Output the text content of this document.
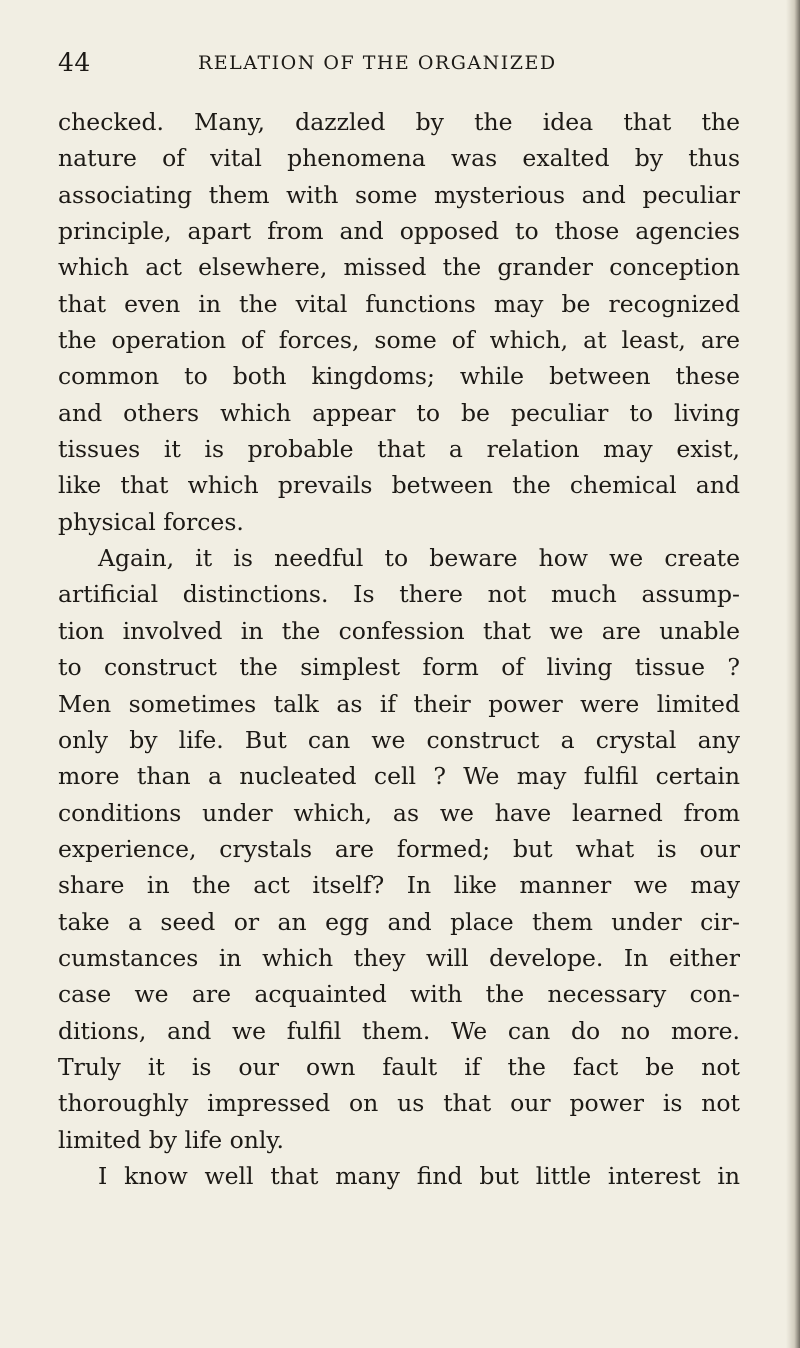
44	RELATION OF THE ORGANIZED
checked. Many, dazzled by the idea that the
nature of vital phenomena was exalted by thus
associating them with some mysterious and peculiar
principle, apart from and opposed to those agencies
which act elsewhere, missed the grander conception
that even in the vital functions may be recognized
the operation of forces, some of which, at least, are
common to both kingdoms; while between these
and others which appear to be peculiar to living
tissues it is probable that a relation may exist,
like that which prevails between the chemical and
physical forces.
Again, it is needful to beware how we create
artificial distinctions. Is there not much assump-
tion involved in the confession that we are unable
to construct the simplest form of living tissue ?
Men sometimes talk as if their power were limited
only by life. But can we construct a crystal any
more than a nucleated cell ? We may fulfil certain
conditions under which, as we have learned from
experience, crystals are formed; but what is our
share in the act itself? In like manner we may
take a seed or an egg and place them under cir-
cumstances in which they will develope. In either
case we are acquainted with the necessary con-
ditions, and we fulfil them. We can do no more.
Truly it is our own fault if the fact be not
thoroughly impressed on us that our power is not
limited by life only.
I know well that many find but little interest in
